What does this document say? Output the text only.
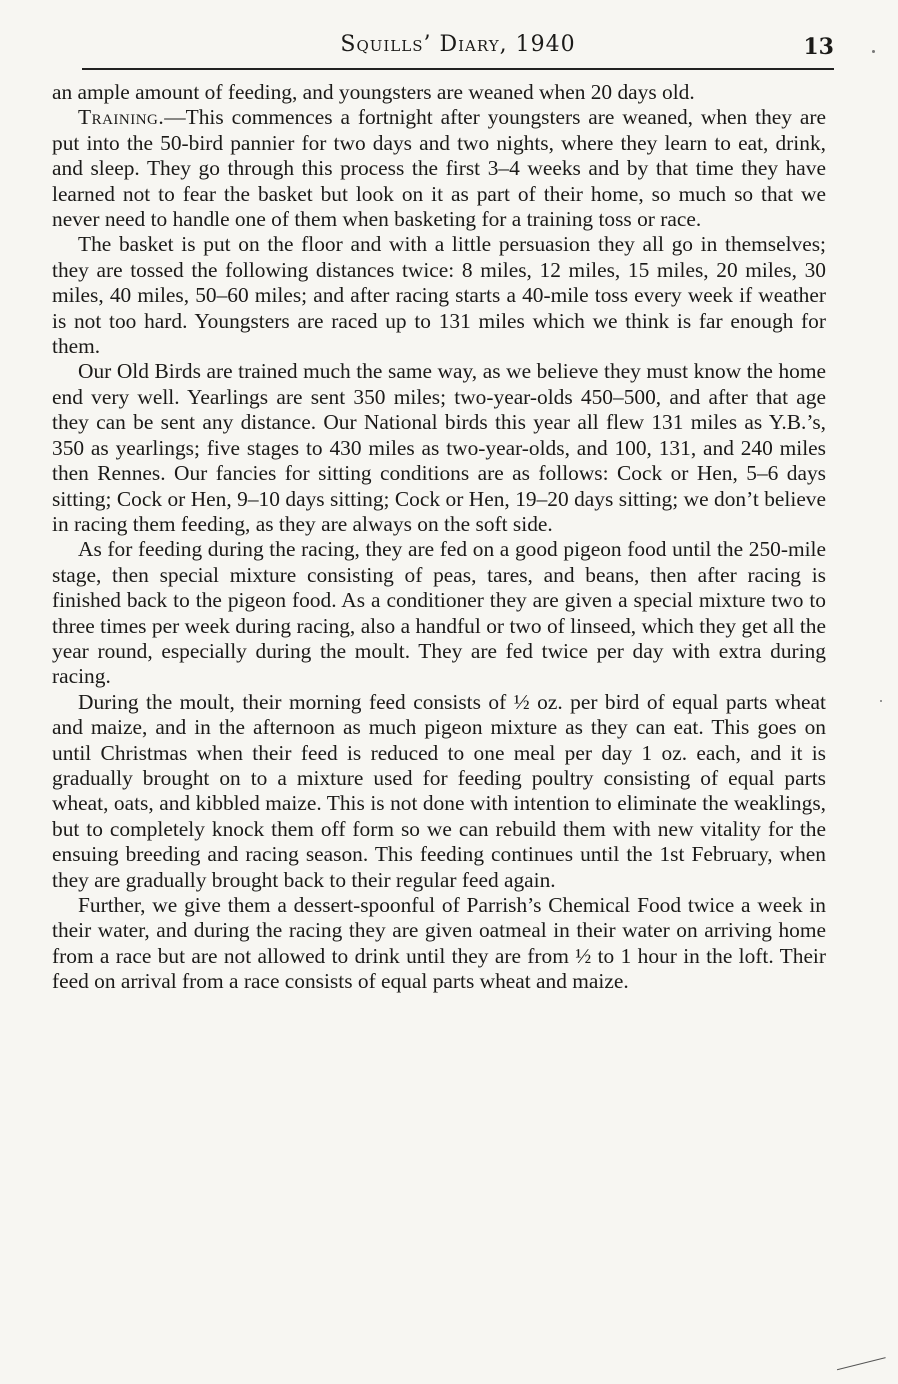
Squills’ Diary, 1940	13

an ample amount of feeding, and youngsters are weaned when 20 days old.

Training.—This commences a fortnight after youngsters are weaned, when they are put into the 50-bird pannier for two days and two nights, where they learn to eat, drink, and sleep. They go through this process the first 3–4 weeks and by that time they have learned not to fear the basket but look on it as part of their home, so much so that we never need to handle one of them when basketing for a training toss or race.

The basket is put on the floor and with a little persuasion they all go in themselves; they are tossed the following distances twice: 8 miles, 12 miles, 15 miles, 20 miles, 30 miles, 40 miles, 50–60 miles; and after racing starts a 40-mile toss every week if weather is not too hard. Youngsters are raced up to 131 miles which we think is far enough for them.

Our Old Birds are trained much the same way, as we believe they must know the home end very well. Yearlings are sent 350 miles; two-year-olds 450–500, and after that age they can be sent any distance. Our National birds this year all flew 131 miles as Y.B.’s, 350 as yearlings; five stages to 430 miles as two-year-olds, and 100, 131, and 240 miles then Rennes. Our fancies for sitting conditions are as follows: Cock or Hen, 5–6 days sitting; Cock or Hen, 9–10 days sitting; Cock or Hen, 19–20 days sitting; we don’t believe in racing them feeding, as they are always on the soft side.

As for feeding during the racing, they are fed on a good pigeon food until the 250-mile stage, then special mixture consisting of peas, tares, and beans, then after racing is finished back to the pigeon food. As a conditioner they are given a special mixture two to three times per week during racing, also a handful or two of linseed, which they get all the year round, especially during the moult. They are fed twice per day with extra during racing.

During the moult, their morning feed consists of ½ oz. per bird of equal parts wheat and maize, and in the afternoon as much pigeon mixture as they can eat. This goes on until Christmas when their feed is reduced to one meal per day 1 oz. each, and it is gradually brought on to a mixture used for feeding poultry consisting of equal parts wheat, oats, and kibbled maize. This is not done with intention to eliminate the weaklings, but to completely knock them off form so we can rebuild them with new vitality for the ensuing breeding and racing season. This feeding continues until the 1st February, when they are gradually brought back to their regular feed again.

Further, we give them a dessert-spoonful of Parrish’s Chemical Food twice a week in their water, and during the racing they are given oatmeal in their water on arriving home from a race but are not allowed to drink until they are from ½ to 1 hour in the loft. Their feed on arrival from a race consists of equal parts wheat and maize.
